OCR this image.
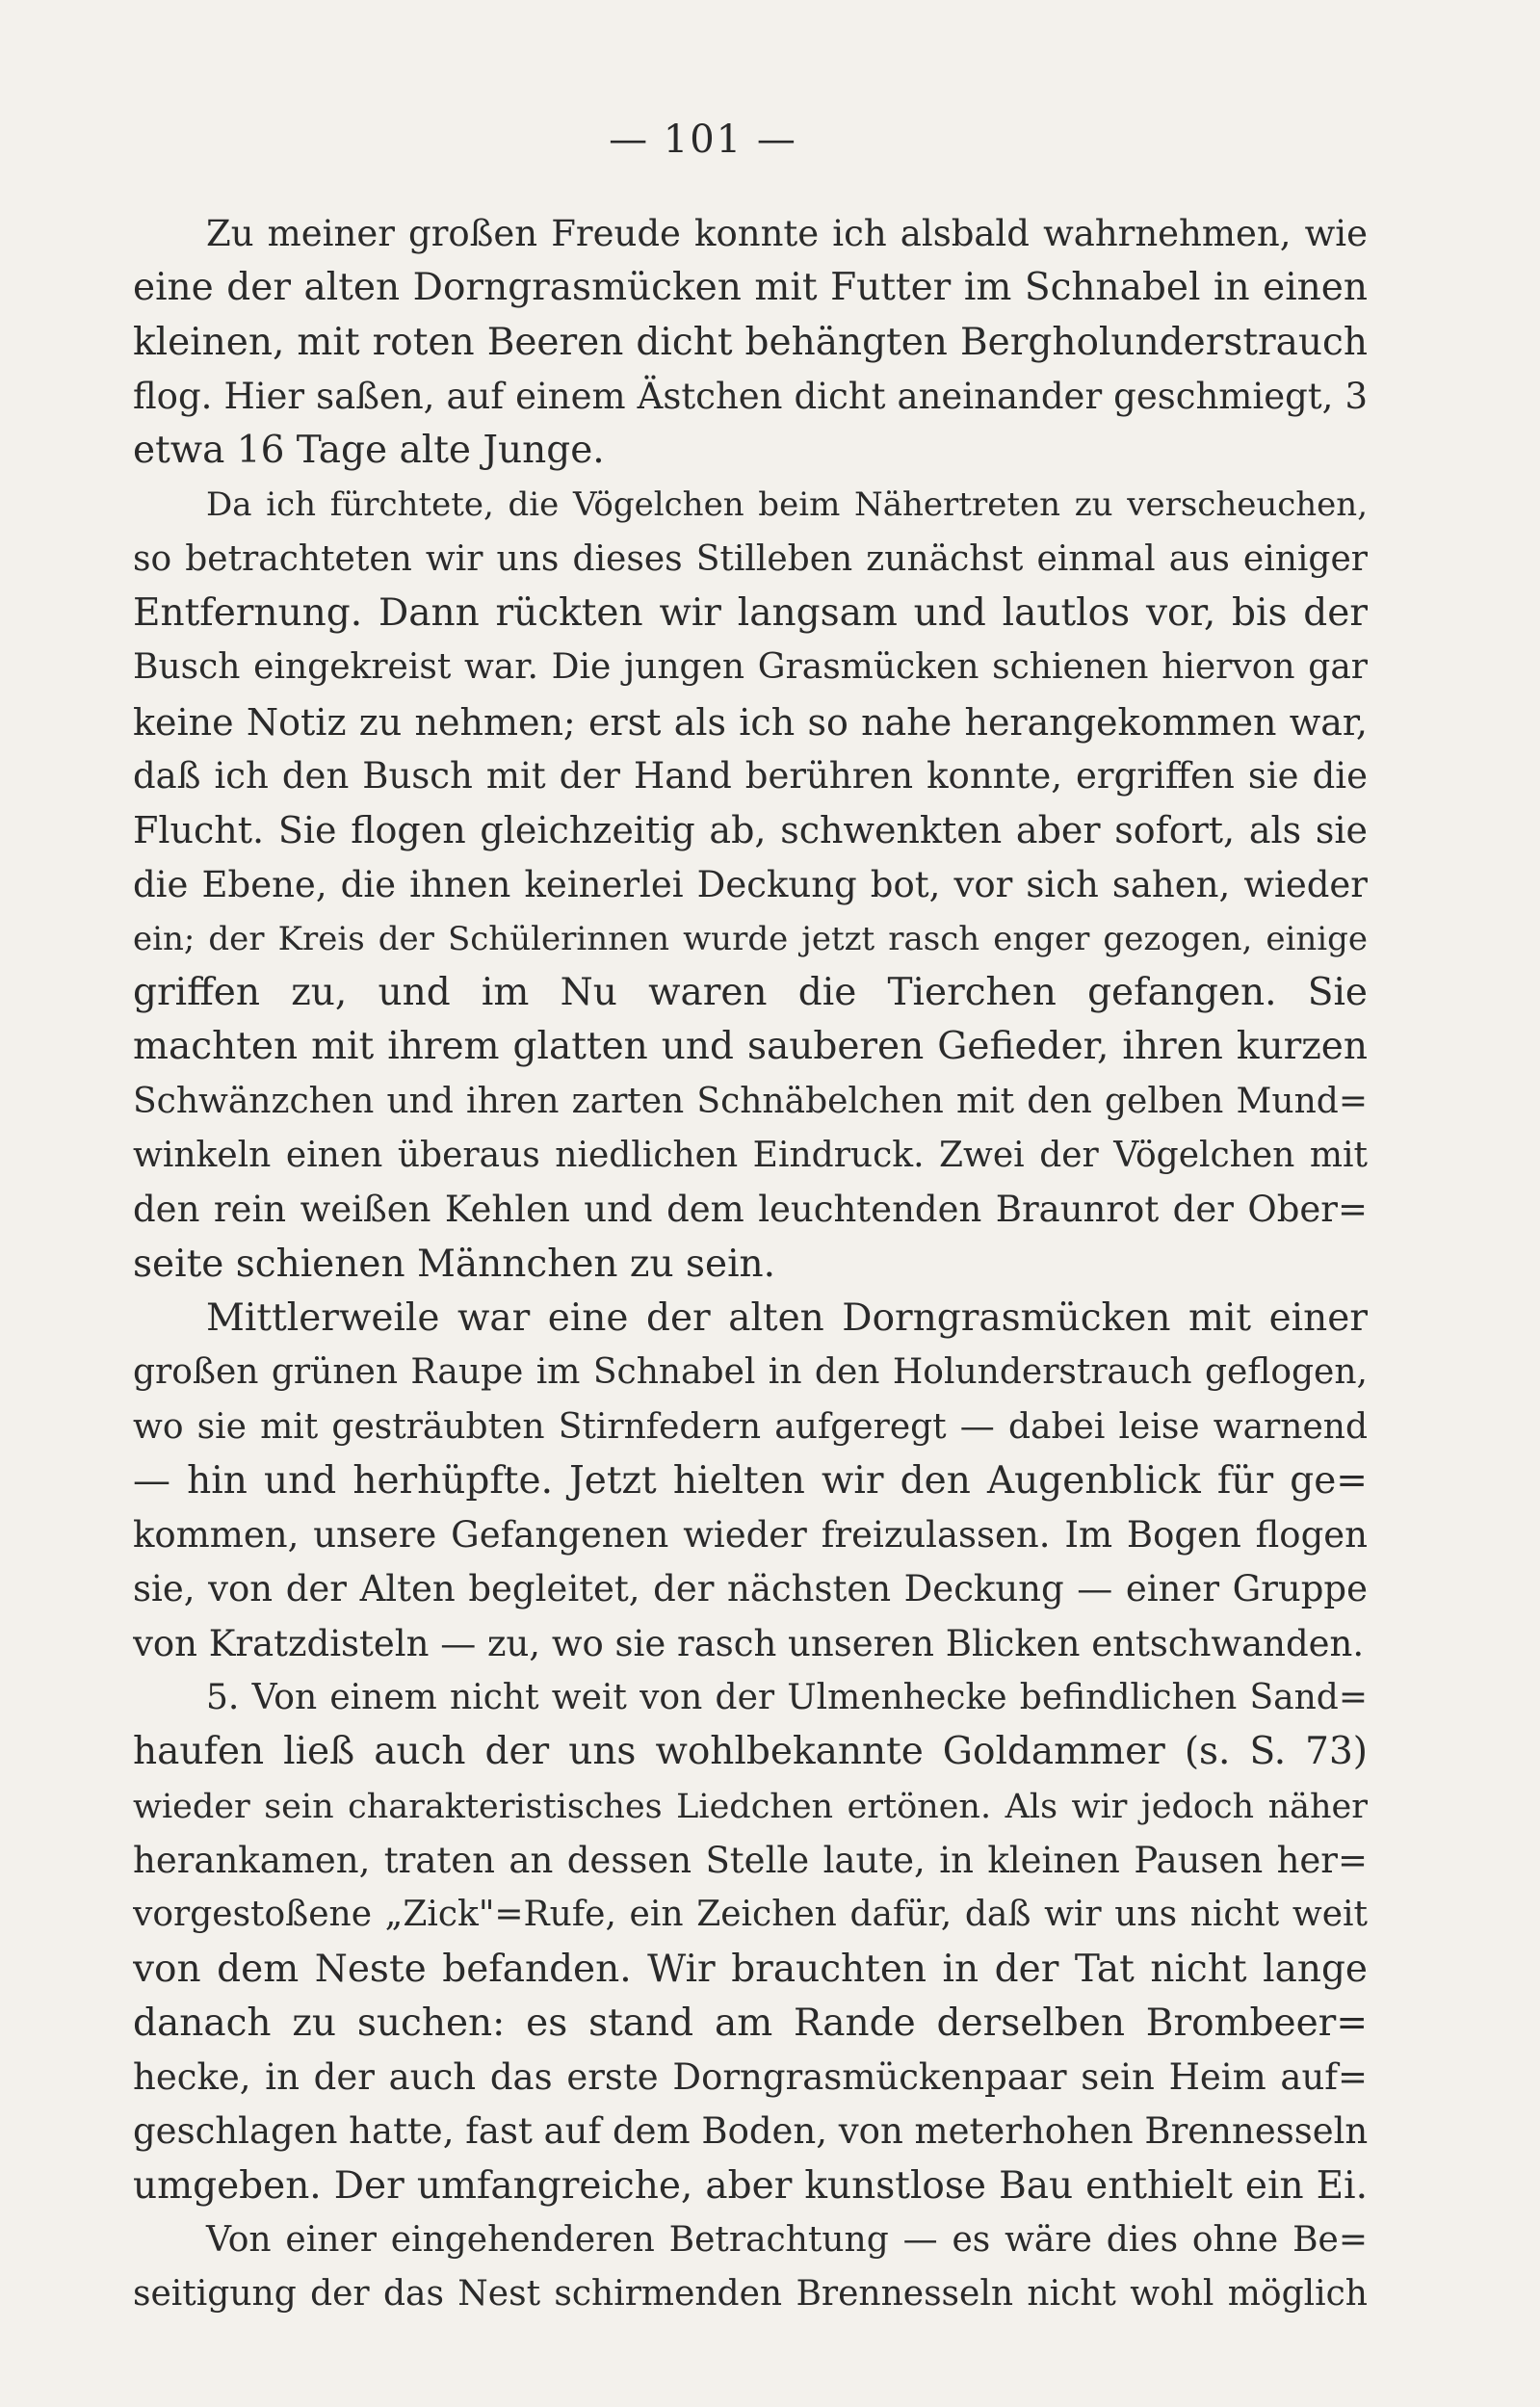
— 101 —
Zu meiner großen Freude konnte ich alsbald wahrnehmen, wie
eine der alten Dorngrasmücken mit Futter im Schnabel in einen
kleinen, mit roten Beeren dicht behängten Bergholunderstrauch
flog. Hier saßen, auf einem Ästchen dicht aneinander geschmiegt, 3
etwa 16 Tage alte Junge.
Da ich fürchtete, die Vögelchen beim Nähertreten zu verscheuchen,
so betrachteten wir uns dieses Stilleben zunächst einmal aus einiger
Entfernung. Dann rückten wir langsam und lautlos vor, bis der
Busch eingekreist war. Die jungen Grasmücken schienen hiervon gar
keine Notiz zu nehmen; erst als ich so nahe herangekommen war,
daß ich den Busch mit der Hand berühren konnte, ergriffen sie die
Flucht. Sie flogen gleichzeitig ab, schwenkten aber sofort, als sie
die Ebene, die ihnen keinerlei Deckung bot, vor sich sahen, wieder
ein; der Kreis der Schülerinnen wurde jetzt rasch enger gezogen, einige
griffen zu, und im Nu waren die Tierchen gefangen. Sie
machten mit ihrem glatten und sauberen Gefieder, ihren kurzen
Schwänzchen und ihren zarten Schnäbelchen mit den gelben Mund=
winkeln einen überaus niedlichen Eindruck. Zwei der Vögelchen mit
den rein weißen Kehlen und dem leuchtenden Braunrot der Ober=
seite schienen Männchen zu sein.
Mittlerweile war eine der alten Dorngrasmücken mit einer
großen grünen Raupe im Schnabel in den Holunderstrauch geflogen,
wo sie mit gesträubten Stirnfedern aufgeregt — dabei leise warnend
— hin und herhüpfte. Jetzt hielten wir den Augenblick für ge=
kommen, unsere Gefangenen wieder freizulassen. Im Bogen flogen
sie, von der Alten begleitet, der nächsten Deckung — einer Gruppe
von Kratzdisteln — zu, wo sie rasch unseren Blicken entschwanden.
5. Von einem nicht weit von der Ulmenhecke befindlichen Sand=
haufen ließ auch der uns wohlbekannte Goldammer (s. S. 73)
wieder sein charakteristisches Liedchen ertönen. Als wir jedoch näher
herankamen, traten an dessen Stelle laute, in kleinen Pausen her=
vorgestoßene „Zick"=Rufe, ein Zeichen dafür, daß wir uns nicht weit
von dem Neste befanden. Wir brauchten in der Tat nicht lange
danach zu suchen: es stand am Rande derselben Brombeer=
hecke, in der auch das erste Dorngrasmückenpaar sein Heim auf=
geschlagen hatte, fast auf dem Boden, von meterhohen Brennesseln
umgeben. Der umfangreiche, aber kunstlose Bau enthielt ein Ei.
Von einer eingehenderen Betrachtung — es wäre dies ohne Be=
seitigung der das Nest schirmenden Brennesseln nicht wohl möglich
